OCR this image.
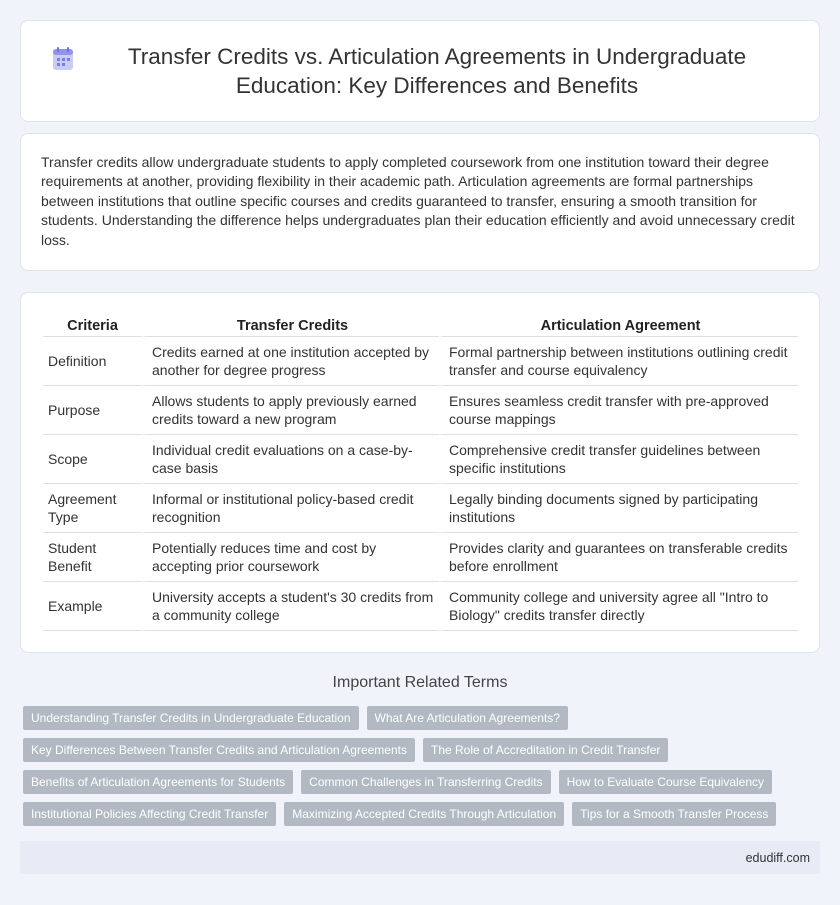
Transfer Credits vs. Articulation Agreements in Undergraduate Education: Key Differences and Benefits

Transfer credits allow undergraduate students to apply completed coursework from one institution toward their degree requirements at another, providing flexibility in their academic path. Articulation agreements are formal partnerships between institutions that outline specific courses and credits guaranteed to transfer, ensuring a smooth transition for students. Understanding the difference helps undergraduates plan their education efficiently and avoid unnecessary credit loss.

Criteria	Transfer Credits	Articulation Agreement
Definition	Credits earned at one institution accepted by another for degree progress	Formal partnership between institutions outlining credit transfer and course equivalency
Purpose	Allows students to apply previously earned credits toward a new program	Ensures seamless credit transfer with pre-approved course mappings
Scope	Individual credit evaluations on a case-by-case basis	Comprehensive credit transfer guidelines between specific institutions
Agreement Type	Informal or institutional policy-based credit recognition	Legally binding documents signed by participating institutions
Student Benefit	Potentially reduces time and cost by accepting prior coursework	Provides clarity and guarantees on transferable credits before enrollment
Example	University accepts a student's 30 credits from a community college	Community college and university agree all "Intro to Biology" credits transfer directly
Important Related Terms
Understanding Transfer Credits in Undergraduate Education	What Are Articulation Agreements?
Key Differences Between Transfer Credits and Articulation Agreements	The Role of Accreditation in Credit Transfer
Benefits of Articulation Agreements for Students	Common Challenges in Transferring Credits	How to Evaluate Course Equivalency
Institutional Policies Affecting Credit Transfer	Maximizing Accepted Credits Through Articulation	Tips for a Smooth Transfer Process
edudiff.com
